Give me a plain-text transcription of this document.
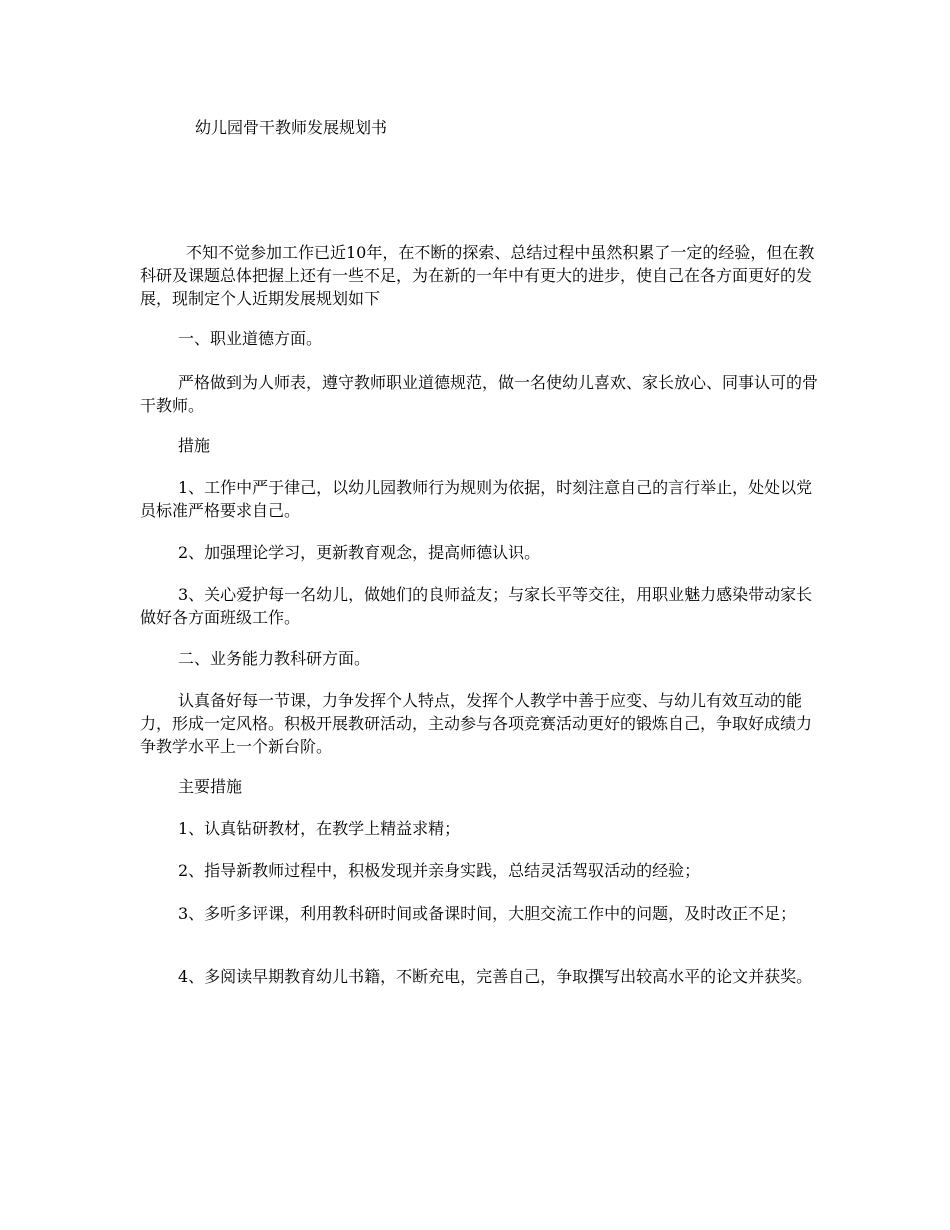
幼儿园骨干教师发展规划书

不知不觉参加工作已近10年，在不断的探索、总结过程中虽然积累了一定的经验，但在教科研及课题总体把握上还有一些不足，为在新的一年中有更大的进步，使自己在各方面更好的发展，现制定个人近期发展规划如下

一、职业道德方面。

严格做到为人师表，遵守教师职业道德规范，做一名使幼儿喜欢、家长放心、同事认可的骨干教师。

措施

1、工作中严于律己，以幼儿园教师行为规则为依据，时刻注意自己的言行举止，处处以党员标准严格要求自己。

2、加强理论学习，更新教育观念，提高师德认识。

3、关心爱护每一名幼儿，做她们的良师益友；与家长平等交往，用职业魅力感染带动家长做好各方面班级工作。

二、业务能力教科研方面。

认真备好每一节课，力争发挥个人特点，发挥个人教学中善于应变、与幼儿有效互动的能力，形成一定风格。积极开展教研活动，主动参与各项竞赛活动更好的锻炼自己，争取好成绩力争教学水平上一个新台阶。

主要措施

1、认真钻研教材，在教学上精益求精；

2、指导新教师过程中，积极发现并亲身实践，总结灵活驾驭活动的经验；

3、多听多评课，利用教科研时间或备课时间，大胆交流工作中的问题，及时改正不足；

4、多阅读早期教育幼儿书籍，不断充电，完善自己，争取撰写出较高水平的论文并获奖。
